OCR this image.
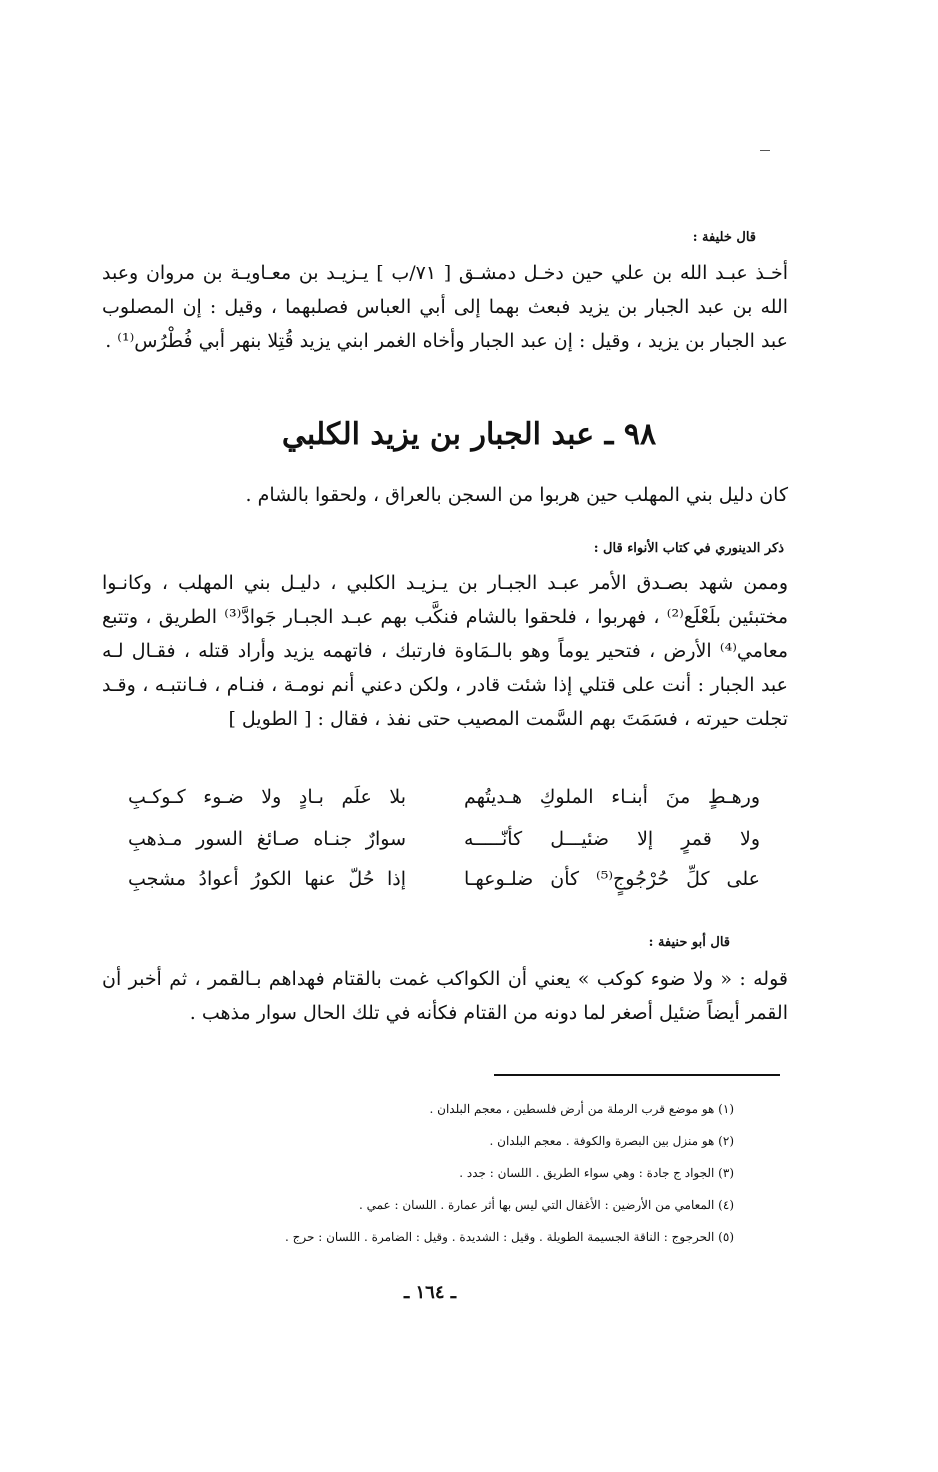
قال خليفة :

أخـذ عبـد الله بن علي حين دخـل دمشـق [ ٧١/ب ] يـزيـد بن معـاويـة بن مروان وعبد الله بن عبد الجبار بن يزيد فبعث بهما إلى أبي العباس فصلبهما ، وقيل : إن المصلوب عبد الجبار بن يزيد ، وقيل : إن عبد الجبار وأخاه الغمر ابني يزيد قُتِلا بنهر أبي فُطْرُس⁽¹⁾ .

٩٨ ـ عبد الجبار بن يزيد الكلبي

كان دليل بني المهلب حين هربوا من السجن بالعراق ، ولحقوا بالشام .

ذكر الدينوري في كتاب الأنواء قال :

وممن شهد بصـدق الأمر عبـد الجبـار بن يـزيـد الكلبي ، دليـل بني المهلب ، وكانـوا مختبئين بلَعْلَع⁽²⁾ ، فهربوا ، فلحقوا بالشام فنكَّب بهم عبـد الجبـار جَوادَّ⁽³⁾ الطريق ، وتتبع معامي⁽⁴⁾ الأرض ، فتحير يوماً وهو بالـمَاوة فارتبك ، فاتهمه يزيد وأراد قتله ، فقـال لـه عبد الجبار : أنت على قتلي إذا شئت قادر ، ولكن دعني أنم نومـة ، فنـام ، فـانتبـه ، وقـد تجلت حيرته ، فسَمَتَ بهم السَّمت المصيب حتى نفذ ، فقال : [ الطويل ]

ورهـطٍ منَ أبنـاء الملوكِ هـديتُهم
بلا علَم بـادٍ ولا ضـوء كـوكـبِ
ولا قمرٍ إلا ضئيـــل كأنّـــــه
سوارٌ جنـاه صـائغ السور مـذهبِ
على كلِّ حُرْجُوجٍ⁽⁵⁾ كأن ضلـوعهـا
إذا حُلّ عنها الكورُ أعوادُ مشجبِ
قال أبو حنيفة :

قوله : « ولا ضوء كوكب » يعني أن الكواكب غمت بالقتام فهداهم بـالقمر ، ثم أخبر أن القمر أيضاً ضئيل أصغر لما دونه من القتام فكأنه في تلك الحال سوار مذهب .

(١) هو موضع قرب الرملة من أرض فلسطين ، معجم البلدان .
(٢) هو منزل بين البصرة والكوفة . معجم البلدان .
(٣) الجواد ج جادة : وهي سواء الطريق . اللسان : جدد .
(٤) المعامي من الأرضين : الأغفال التي ليس بها أثر عمارة . اللسان : عمي .
(٥) الحرجوج : الناقة الجسيمة الطويلة . وقيل : الشديدة . وقيل : الضامرة . اللسان : حرج .
ـ ١٦٤ ـ
